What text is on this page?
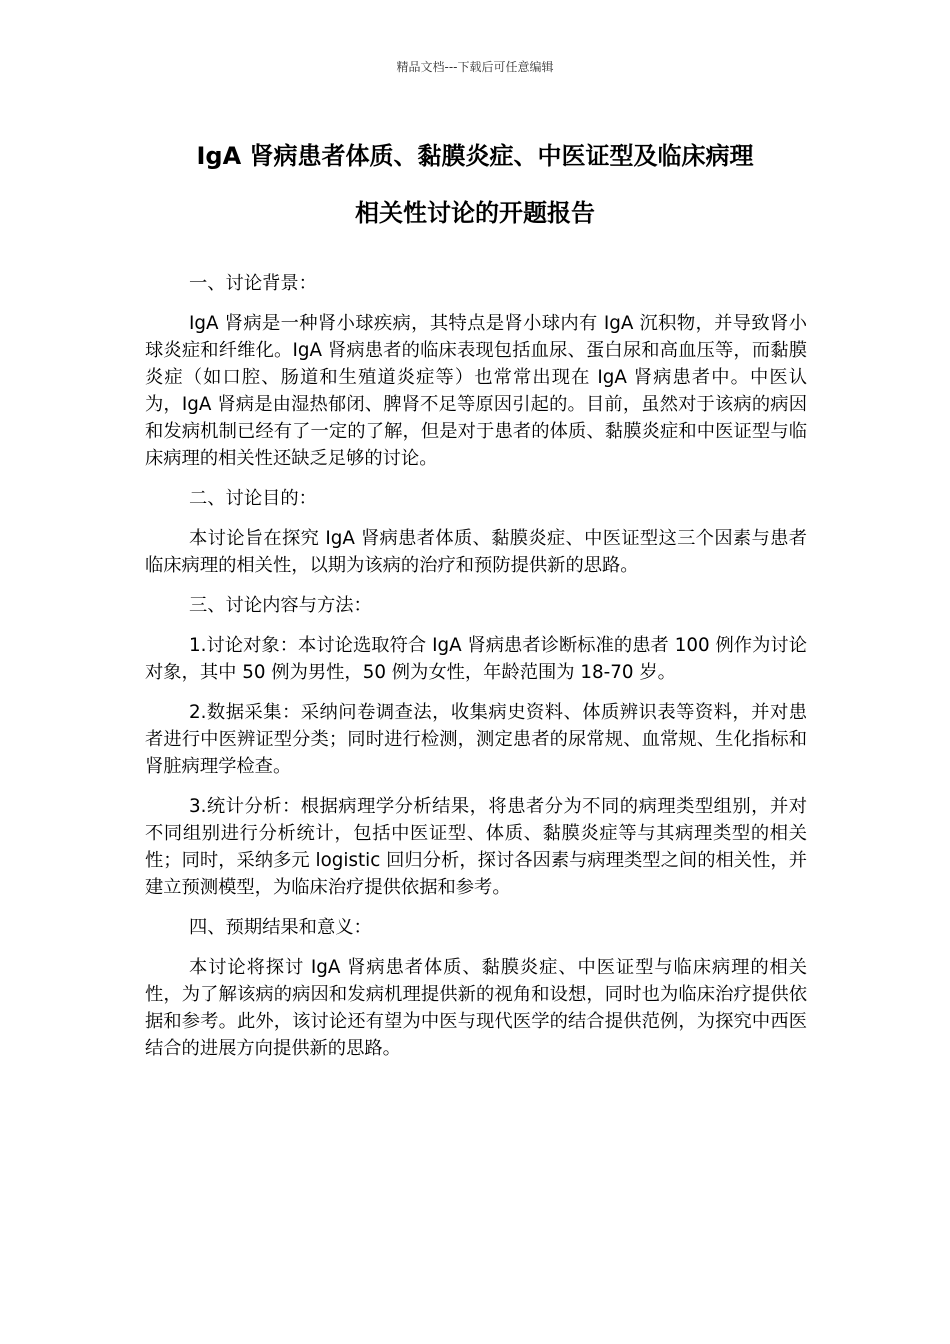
精品文档---下载后可任意编辑
IgA 肾病患者体质、黏膜炎症、中医证型及临床病理
相关性讨论的开题报告

一、讨论背景：

IgA 肾病是一种肾小球疾病，其特点是肾小球内有 IgA 沉积物，并导致肾小球炎症和纤维化。IgA 肾病患者的临床表现包括血尿、蛋白尿和高血压等，而黏膜炎症（如口腔、肠道和生殖道炎症等）也常常出现在 IgA 肾病患者中。中医认为，IgA 肾病是由湿热郁闭、脾肾不足等原因引起的。目前，虽然对于该病的病因和发病机制已经有了一定的了解，但是对于患者的体质、黏膜炎症和中医证型与临床病理的相关性还缺乏足够的讨论。

二、讨论目的：

本讨论旨在探究 IgA 肾病患者体质、黏膜炎症、中医证型这三个因素与患者临床病理的相关性，以期为该病的治疗和预防提供新的思路。

三、讨论内容与方法：

1.讨论对象：本讨论选取符合 IgA 肾病患者诊断标准的患者 100 例作为讨论对象，其中 50 例为男性，50 例为女性，年龄范围为 18-70 岁。

2.数据采集：采纳问卷调查法，收集病史资料、体质辨识表等资料，并对患者进行中医辨证型分类；同时进行检测，测定患者的尿常规、血常规、生化指标和肾脏病理学检查。

3.统计分析：根据病理学分析结果，将患者分为不同的病理类型组别，并对不同组别进行分析统计，包括中医证型、体质、黏膜炎症等与其病理类型的相关性；同时，采纳多元 logistic 回归分析，探讨各因素与病理类型之间的相关性，并建立预测模型，为临床治疗提供依据和参考。

四、预期结果和意义：

本讨论将探讨 IgA 肾病患者体质、黏膜炎症、中医证型与临床病理的相关性，为了解该病的病因和发病机理提供新的视角和设想，同时也为临床治疗提供依据和参考。此外，该讨论还有望为中医与现代医学的结合提供范例，为探究中西医结合的进展方向提供新的思路。
